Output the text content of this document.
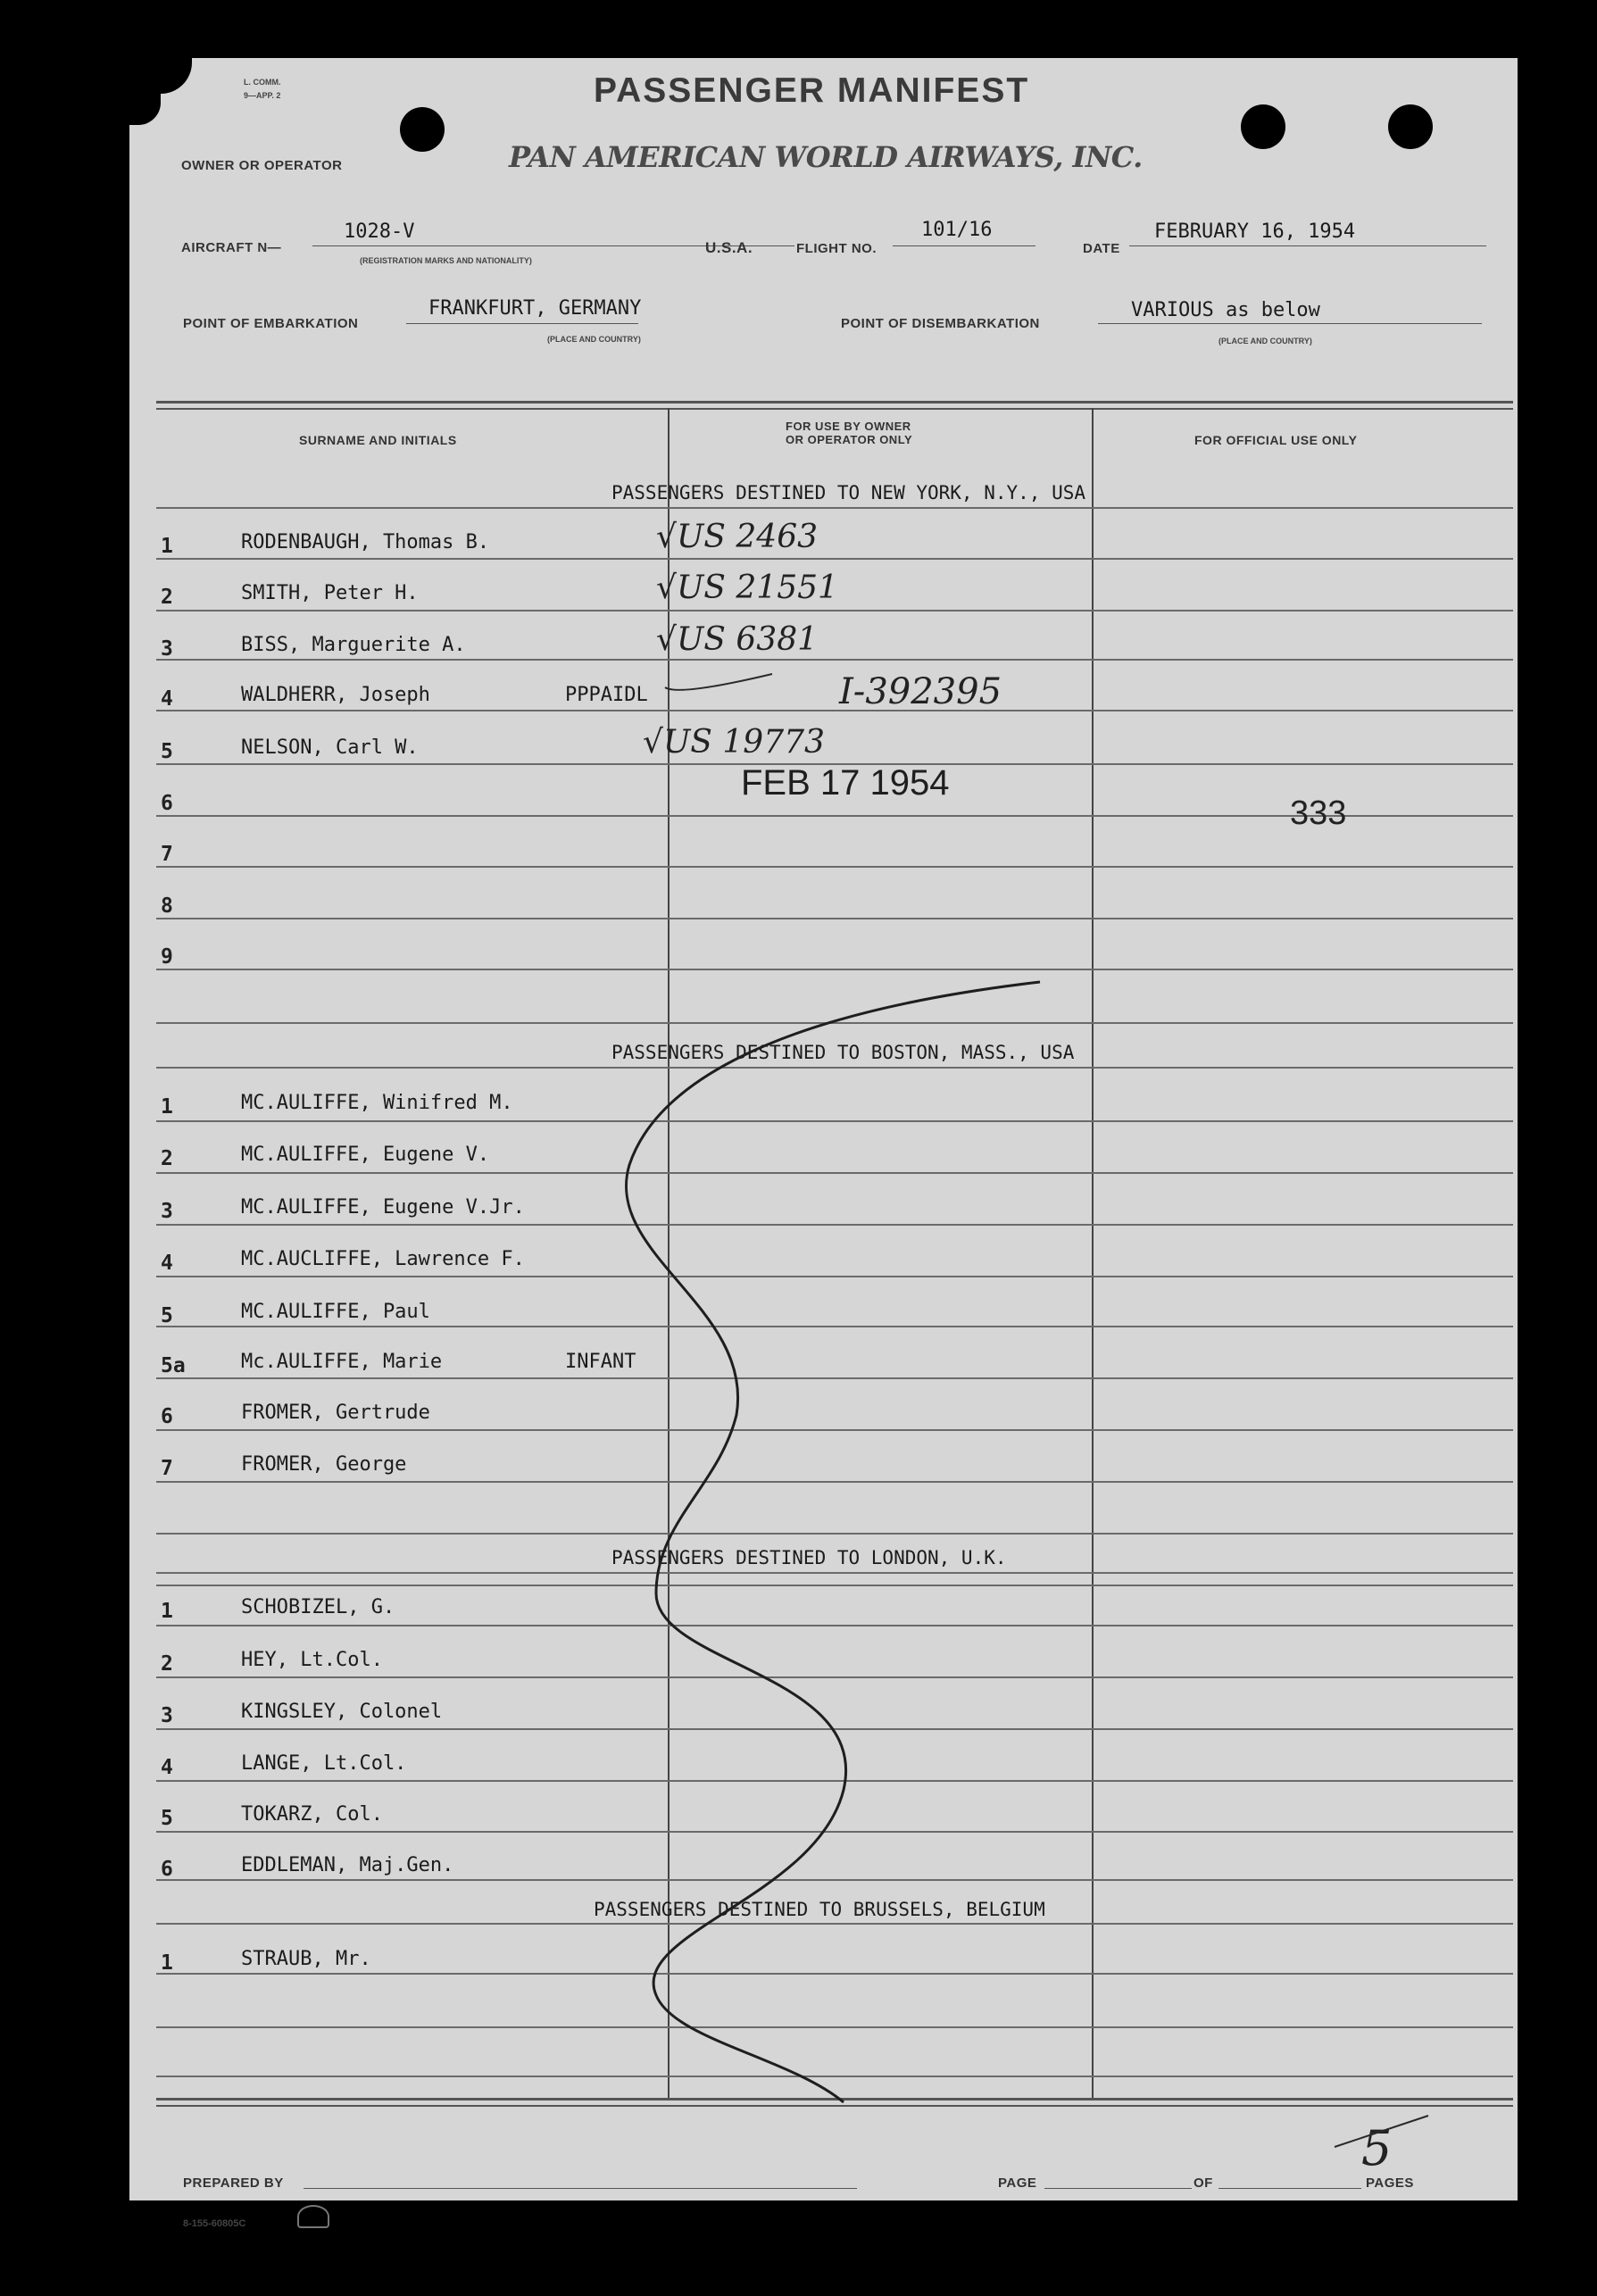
L. COMM.
9—APP. 2	PASSENGER MANIFEST
PAN AMERICAN WORLD AIRWAYS, INC.
OWNER OR OPERATOR
AIRCRAFT N—
1028-V
(REGISTRATION MARKS AND NATIONALITY)
U.S.A.	FLIGHT NO.
101/16
DATE
FEBRUARY 16, 1954
POINT OF EMBARKATION
FRANKFURT, GERMANY
(PLACE AND COUNTRY)
POINT OF DISEMBARKATION
VARIOUS as below
(PLACE AND COUNTRY)
SURNAME AND INITIALS
FOR USE BY OWNER
OR OPERATOR ONLY	FOR OFFICIAL USE ONLY
PASSENGERS DESTINED TO NEW YORK, N.Y., USA
1	RODENBAUGH, Thomas B.	√US 2463
2	SMITH, Peter H.	√US 21551
3	BISS, Marguerite A.	√US 6381
4	WALDHERR, Joseph	PPPAIDL	I-392395
5	NELSON, Carl W.	√US 19773
6
7
8
9
PASSENGERS DESTINED TO BOSTON, MASS., USA
1	MC.AULIFFE, Winifred M.
2	MC.AULIFFE, Eugene V.
3	MC.AULIFFE, Eugene V.Jr.
4	MC.AUCLIFFE, Lawrence F.
5	MC.AULIFFE, Paul
5a	Mc.AULIFFE, Marie	INFANT
6	FROMER, Gertrude
7	FROMER, George
PASSENGERS DESTINED TO LONDON, U.K.
1	SCHOBIZEL, G.
2	HEY, Lt.Col.
3	KINGSLEY, Colonel
4	LANGE, Lt.Col.
5	TOKARZ, Col.
6	EDDLEMAN, Maj.Gen.
PASSENGERS DESTINED TO BRUSSELS, BELGIUM
1	STRAUB, Mr.
FEB 17 1954
333
PREPARED BY	PAGE	OF
5
PAGES
8-155-60805C
